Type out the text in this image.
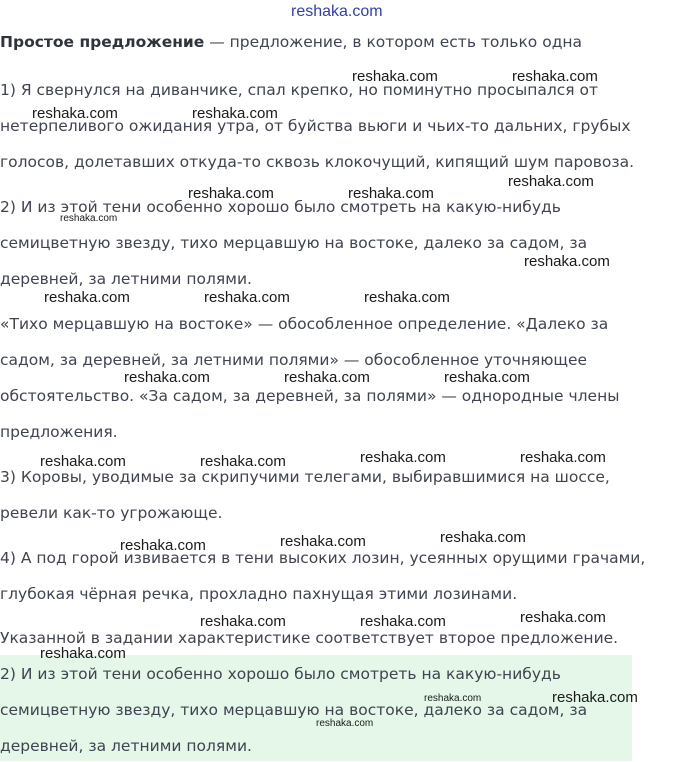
reshaka.com
Простое предложение — предложение, в котором есть только одна
1) Я свернулся на диванчике, спал крепко, но поминутно просыпался от
нетерпеливого ожидания утра, от буйства вьюги и чьих-то дальних, грубых
голосов, долетавших откуда-то сквозь клокочущий, кипящий шум паровоза.
2) И из этой тени особенно хорошо было смотреть на какую-нибудь
семицветную звезду, тихо мерцавшую на востоке, далеко за садом, за
деревней, за летними полями.
«Тихо мерцавшую на востоке» — обособленное определение. «Далеко за
садом, за деревней, за летними полями» — обособленное уточняющее
обстоятельство. «За садом, за деревней, за полями» — однородные члены
предложения.
3) Коровы, уводимые за скрипучими телегами, выбиравшимися на шоссе,
ревели как-то угрожающе.
4) А под горой извивается в тени высоких лозин, усеянных орущими грачами,
глубокая чёрная речка, прохладно пахнущая этими лозинами.
Указанной в задании характеристике соответствует второе предложение.
2) И из этой тени особенно хорошо было смотреть на какую-нибудь
семицветную звезду, тихо мерцавшую на востоке, далеко за садом, за
деревней, за летними полями.
reshaka.com	reshaka.com
reshaka.com	reshaka.com
reshaka.com
reshaka.com	reshaka.com
reshaka.com
reshaka.com
reshaka.com	reshaka.com	reshaka.com
reshaka.com	reshaka.com	reshaka.com
reshaka.com	reshaka.com
reshaka.com	reshaka.com
reshaka.com
reshaka.com
reshaka.com
reshaka.com
reshaka.com	reshaka.com
reshaka.com
reshaka.com	reshaka.com
reshaka.com
